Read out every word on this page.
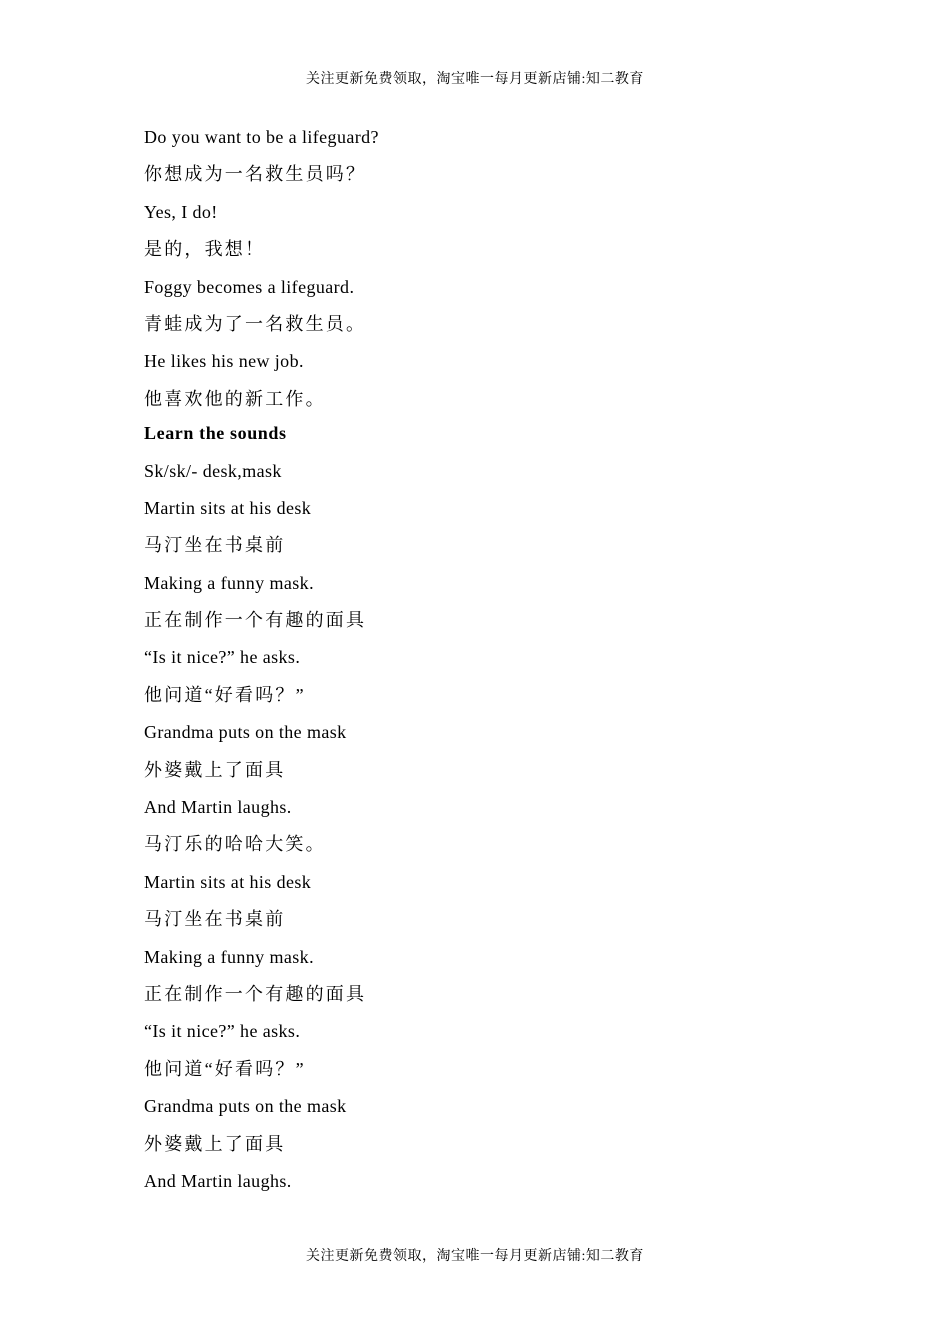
关注更新免费领取，淘宝唯一每月更新店铺:知二教育
Do you want to be a lifeguard?
你想成为一名救生员吗？
Yes, I do!
是的，我想！
Foggy becomes a lifeguard.
青蛙成为了一名救生员。
He likes his new job.
他喜欢他的新工作。
Learn the sounds
Sk/sk/- desk,mask
Martin sits at his desk
马汀坐在书桌前
Making a funny mask.
正在制作一个有趣的面具
“Is it nice?” he asks.
他问道“好看吗？”
Grandma puts on the mask
外婆戴上了面具
And Martin laughs.
马汀乐的哈哈大笑。
Martin sits at his desk
马汀坐在书桌前
Making a funny mask.
正在制作一个有趣的面具
“Is it nice?” he asks.
他问道“好看吗？”
Grandma puts on the mask
外婆戴上了面具
And Martin laughs.
关注更新免费领取，淘宝唯一每月更新店铺:知二教育
